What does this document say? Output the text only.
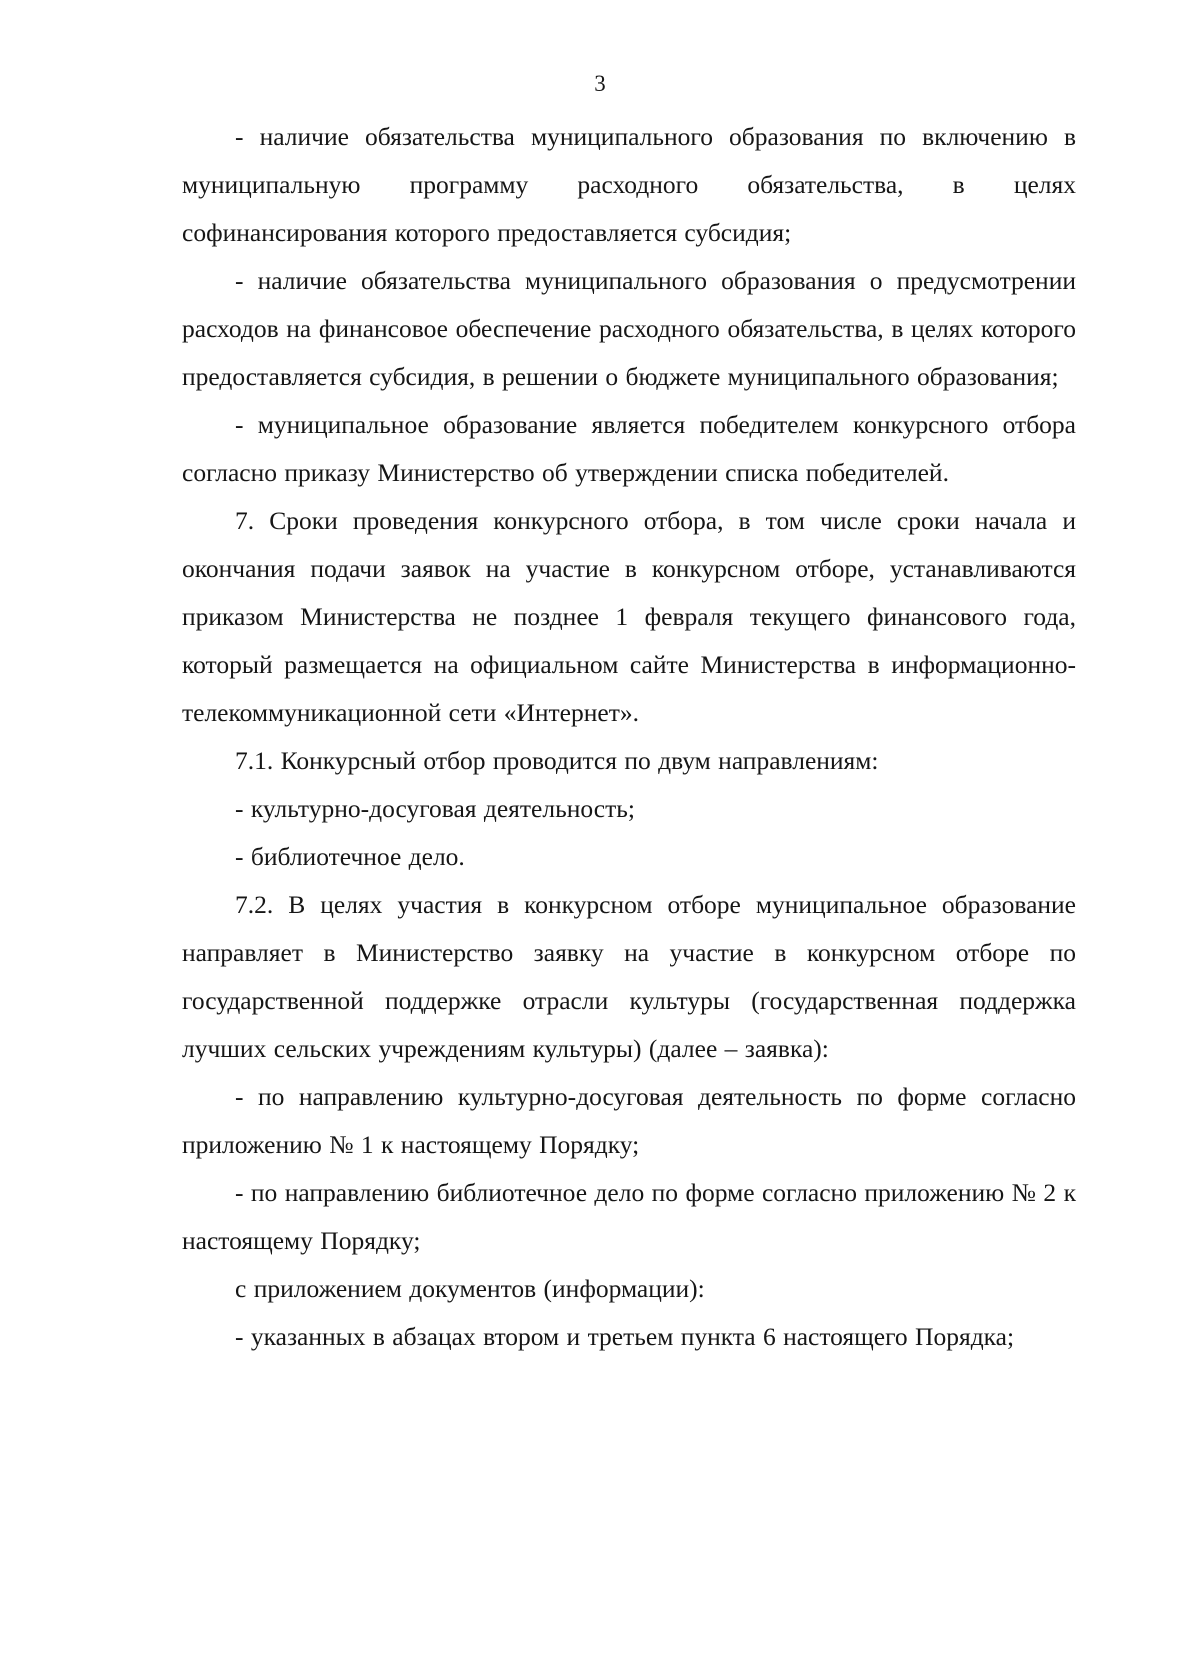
3

- наличие обязательства муниципального образования по включению в муниципальную программу расходного обязательства, в целях софинансирования которого предоставляется субсидия;

- наличие обязательства муниципального образования о предусмотрении расходов на финансовое обеспечение расходного обязательства, в целях которого предоставляется субсидия, в решении о бюджете муниципального образования;

- муниципальное образование является победителем конкурсного отбора согласно приказу Министерство об утверждении списка победителей.

7. Сроки проведения конкурсного отбора, в том числе сроки начала и окончания подачи заявок на участие в конкурсном отборе, устанавливаются приказом Министерства не позднее 1 февраля текущего финансового года, который размещается на официальном сайте Министерства в информационно-телекоммуникационной сети «Интернет».

7.1. Конкурсный отбор проводится по двум направлениям:

- культурно-досуговая деятельность;

- библиотечное дело.

7.2. В целях участия в конкурсном отборе муниципальное образование направляет в Министерство заявку на участие в конкурсном отборе по государственной поддержке отрасли культуры (государственная поддержка лучших сельских учреждениям культуры) (далее – заявка):

- по направлению культурно-досуговая деятельность по форме согласно приложению № 1 к настоящему Порядку;

- по направлению библиотечное дело по форме согласно приложению № 2 к настоящему Порядку;

с приложением документов (информации):

- указанных в абзацах втором и третьем пункта 6 настоящего Порядка;
